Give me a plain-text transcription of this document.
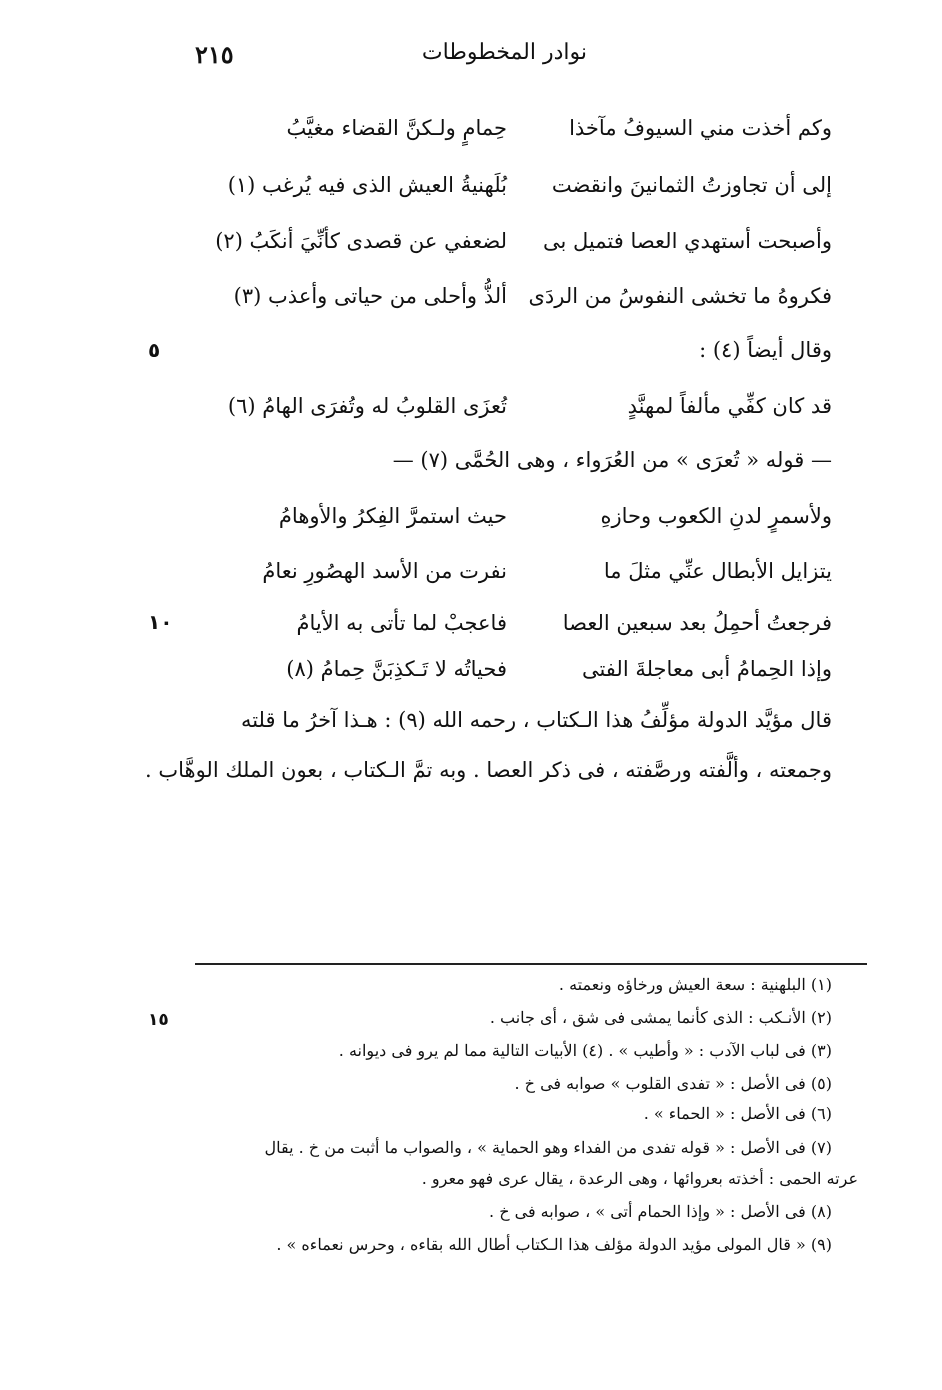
نوادر المخطوطات
٢١٥
وكم أخذت مني السيوفُ مآخذا
حِمامٍ ولـكنَّ القضاء مغيَّبُ
إلى أن تجاوزتُ الثمانينَ وانقضت
بُلَهنيةُ العيش الذى فيه يُرغب (١)
وأصبحت أستهدي العصا فتميل بى
لضعفي عن قصدى كأنِّيَ أنكَبُ (٢)
فكروهُ ما تخشى النفوسُ من الردَى
ألذُّ وأحلى من حياتى وأعذب (٣)
وقال أيضاً (٤) :
٥
قد كان كفِّي مألفاً لمهنَّدٍ
تُعزَى القلوبُ له وتُفرَى الهامُ (٦)
— قوله « تُعرَى » من العُرَواء ، وهى الحُمَّى (٧) —
ولأسمرٍ لدنِ الكعوب وحازهِ
حيث استمرَّ الفِكرُ والأوهامُ
يتزايل الأبطال عنِّي مثلَ ما
نفرت من الأسد الهصُورِ نعامُ
فرجعتُ أحمِلُ بعد سبعين العصا
فاعجبْ لما تأتى به الأيامُ
١٠
وإذا الحِمامُ أبى معاجلةَ الفتى
فحياتُه لا تَـكذِبَنَّ حِمامُ (٨)
قال مؤيَّد الدولة مؤلِّفُ هذا الـكتاب ، رحمه الله (٩) : هـذا آخرُ ما قلته
وجمعته ، وألَّفته ورصَّفته ، فى ذكر العصا . وبه تمَّ الـكتاب ، بعون الملك الوهَّاب .
(١) البلهنية : سعة العيش ورخاؤه ونعمته .
(٢) الأنـكب : الذى كأنما يمشى فى شق ، أى جانب .
١٥
(٣) فى لباب الآدب : « وأطيب » . (٤) الأبيات التالية مما لم يرو فى ديوانه .
(٥) فى الأصل : « تفدى القلوب » صوابه فى خ .
(٦) فى الأصل : « الحماء » .
(٧) فى الأصل : « قوله تفدى من الفداء وهو الحماية » ، والصواب ما أثبت من خ . يقال
عرته الحمى : أخذته بعروائها ، وهى الرعدة ، يقال عرى فهو معرو .
(٨) فى الأصل : « وإذا الحمام أتى » ، صوابه فى خ .
(٩) « قال المولى مؤيد الدولة مؤلف هذا الـكتاب أطال الله بقاءه ، وحرس نعماءه » .
